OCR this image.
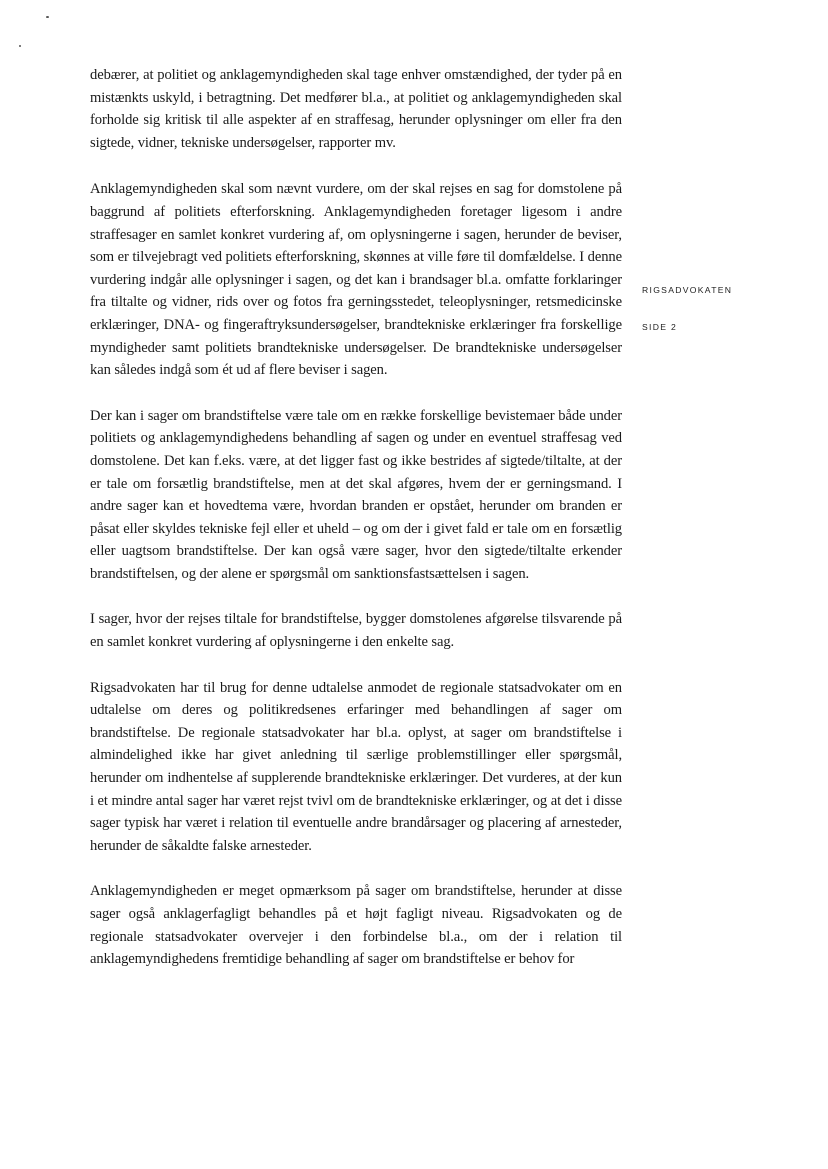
debærer, at politiet og anklagemyndigheden skal tage enhver omstændighed, der tyder på en mistænkts uskyld, i betragtning. Det medfører bl.a., at politiet og anklagemyndigheden skal forholde sig kritisk til alle aspekter af en straffesag, herunder oplysninger om eller fra den sigtede, vidner, tekniske undersøgelser, rapporter mv.

Anklagemyndigheden skal som nævnt vurdere, om der skal rejses en sag for domstolene på baggrund af politiets efterforskning. Anklagemyndigheden foretager ligesom i andre straffesager en samlet konkret vurdering af, om oplysningerne i sagen, herunder de beviser, som er tilvejebragt ved politiets efterforskning, skønnes at ville føre til domfældelse. I denne vurdering indgår alle oplysninger i sagen, og det kan i brandsager bl.a. omfatte forklaringer fra tiltalte og vidner, rids over og fotos fra gerningsstedet, teleoplysninger, retsmedicinske erklæringer, DNA- og fingeraftryksundersøgelser, brandtekniske erklæringer fra forskellige myndigheder samt politiets brandtekniske undersøgelser. De brandtekniske undersøgelser kan således indgå som ét ud af flere beviser i sagen.

Der kan i sager om brandstiftelse være tale om en række forskellige bevistemaer både under politiets og anklagemyndighedens behandling af sagen og under en eventuel straffesag ved domstolene. Det kan f.eks. være, at det ligger fast og ikke bestrides af sigtede/tiltalte, at der er tale om forsætlig brandstiftelse, men at det skal afgøres, hvem der er gerningsmand. I andre sager kan et hovedtema være, hvordan branden er opstået, herunder om branden er påsat eller skyldes tekniske fejl eller et uheld – og om der i givet fald er tale om en forsætlig eller uagtsom brandstiftelse. Der kan også være sager, hvor den sigtede/tiltalte erkender brandstiftelsen, og der alene er spørgsmål om sanktionsfastsættelsen i sagen.

I sager, hvor der rejses tiltale for brandstiftelse, bygger domstolenes afgørelse tilsvarende på en samlet konkret vurdering af oplysningerne i den enkelte sag.

Rigsadvokaten har til brug for denne udtalelse anmodet de regionale statsadvokater om en udtalelse om deres og politikredsenes erfaringer med behandlingen af sager om brandstiftelse. De regionale statsadvokater har bl.a. oplyst, at sager om brandstiftelse i almindelighed ikke har givet anledning til særlige problemstillinger eller spørgsmål, herunder om indhentelse af supplerende brandtekniske erklæringer. Det vurderes, at der kun i et mindre antal sager har været rejst tvivl om de brandtekniske erklæringer, og at det i disse sager typisk har været i relation til eventuelle andre brandårsager og placering af arnesteder, herunder de såkaldte falske arnesteder.

Anklagemyndigheden er meget opmærksom på sager om brandstiftelse, herunder at disse sager også anklagerfagligt behandles på et højt fagligt niveau. Rigsadvokaten og de regionale statsadvokater overvejer i den forbindelse bl.a., om der i relation til anklagemyndighedens fremtidige behandling af sager om brandstiftelse er behov for

RIGSADVOKATEN
SIDE 2
